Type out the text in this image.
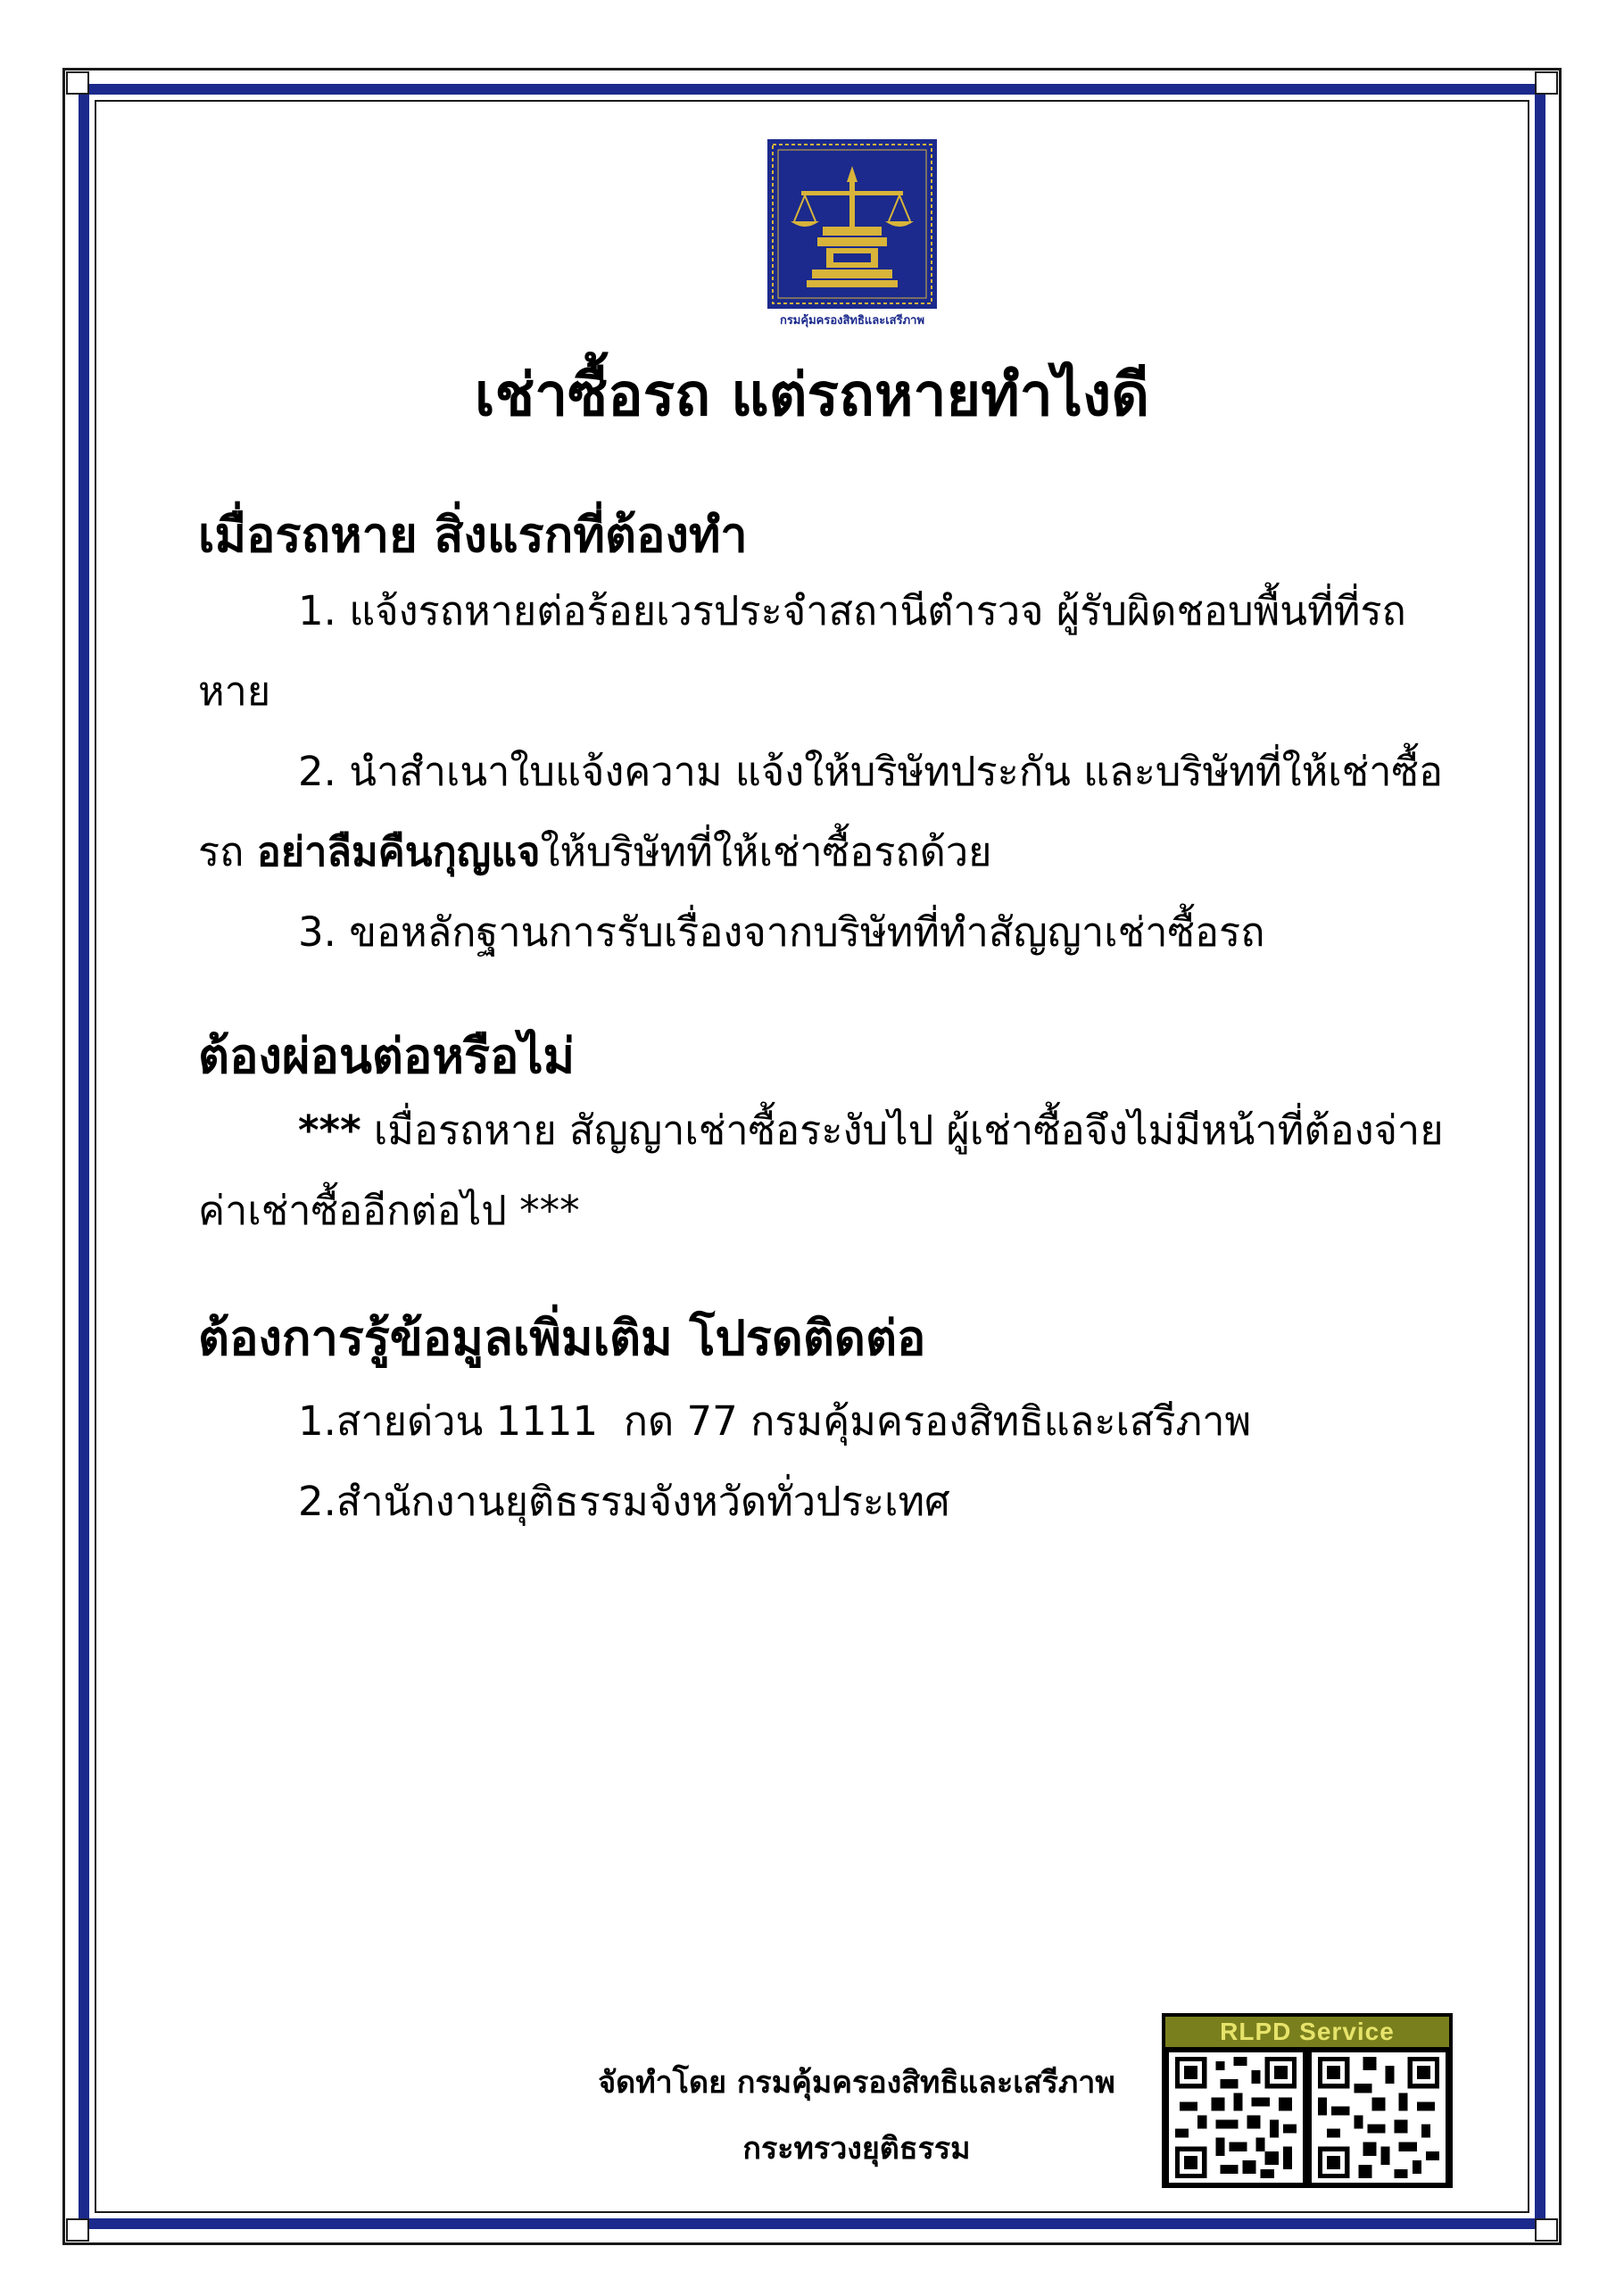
กรมคุ้มครองสิทธิและเสรีภาพ
เช่าซื้อรถ แต่รถหายทำไงดี
เมื่อรถหาย สิ่งแรกที่ต้องทำ
1. แจ้งรถหายต่อร้อยเวรประจำสถานีตำรวจ ผู้รับผิดชอบพื้นที่ที่รถหาย
2. นำสำเนาใบแจ้งความ แจ้งให้บริษัทประกัน และบริษัทที่ให้เช่าซื้อรถ อย่าลืมคืนกุญแจให้บริษัทที่ให้เช่าซื้อรถด้วย
3. ขอหลักฐานการรับเรื่องจากบริษัทที่ทำสัญญาเช่าซื้อรถ
ต้องผ่อนต่อหรือไม่
*** เมื่อรถหาย สัญญาเช่าซื้อระงับไป ผู้เช่าซื้อจึงไม่มีหน้าที่ต้องจ่ายค่าเช่าซื้ออีกต่อไป ***
ต้องการรู้ข้อมูลเพิ่มเติม โปรดติดต่อ
1.สายด่วน 1111  กด 77 กรมคุ้มครองสิทธิและเสรีภาพ
2.สำนักงานยุติธรรมจังหวัดทั่วประเทศ
จัดทำโดย กรมคุ้มครองสิทธิและเสรีภาพ
กระทรวงยุติธรรม
RLPD Service
